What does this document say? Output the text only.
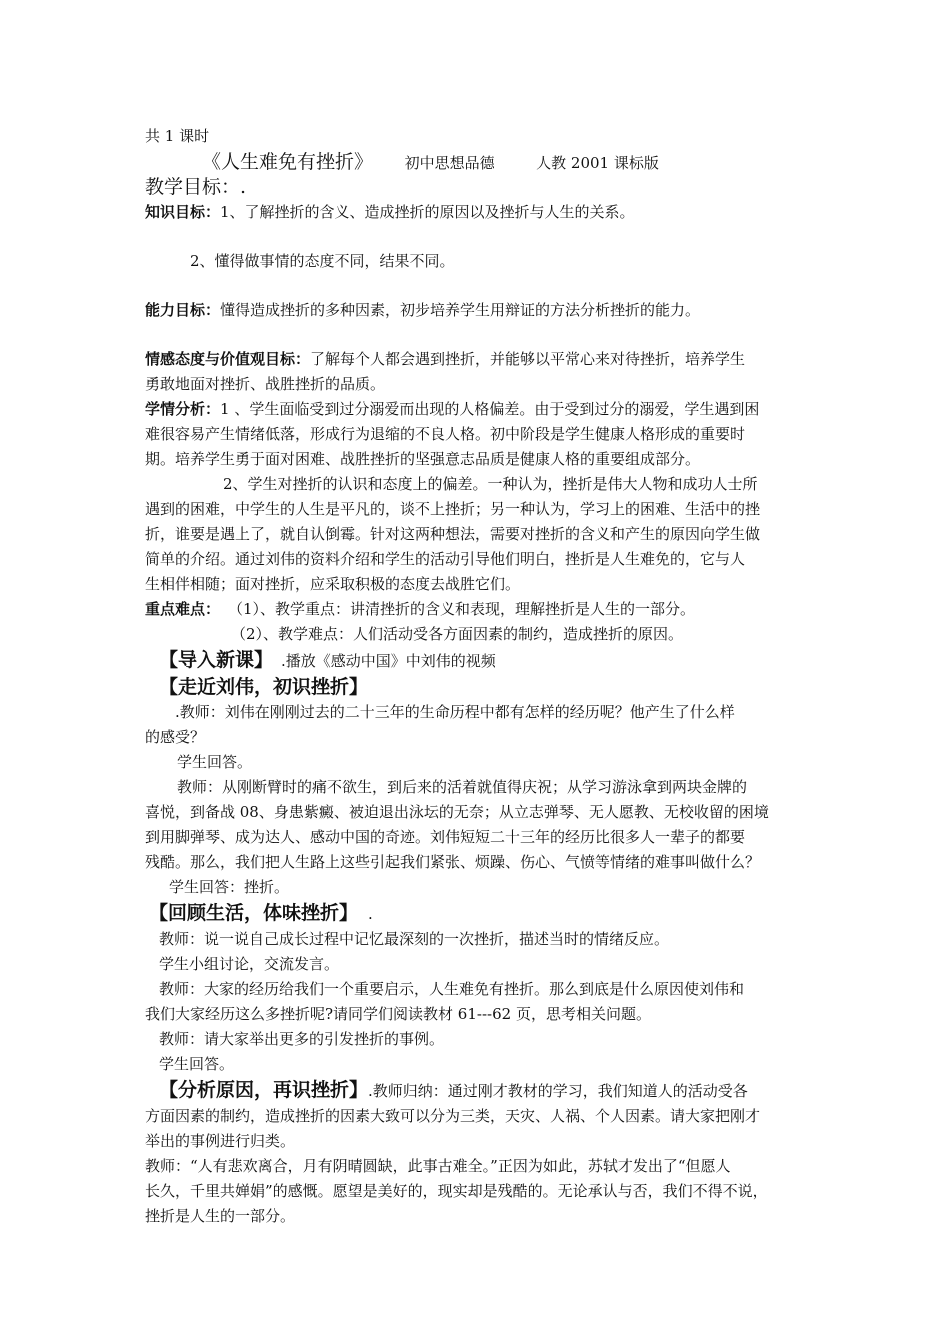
共 1 课时

《人生难免有挫折》 初中思想品德	人教 2001 课标版

教学目标：.

知识目标：1、了解挫折的含义、造成挫折的原因以及挫折与人生的关系。

2、懂得做事情的态度不同，结果不同。

能力目标：懂得造成挫折的多种因素，初步培养学生用辩证的方法分析挫折的能力。

情感态度与价值观目标：了解每个人都会遇到挫折，并能够以平常心来对待挫折，培养学生

勇敢地面对挫折、战胜挫折的品质。

学情分析：1 、学生面临受到过分溺爱而出现的人格偏差。由于受到过分的溺爱，学生遇到困

难很容易产生情绪低落，形成行为退缩的不良人格。初中阶段是学生健康人格形成的重要时

期。培养学生勇于面对困难、战胜挫折的坚强意志品质是健康人格的重要组成部分。

2、学生对挫折的认识和态度上的偏差。一种认为，挫折是伟大人物和成功人士所

遇到的困难，中学生的人生是平凡的，谈不上挫折；另一种认为，学习上的困难、生活中的挫

折，谁要是遇上了，就自认倒霉。针对这两种想法，需要对挫折的含义和产生的原因向学生做

简单的介绍。通过刘伟的资料介绍和学生的活动引导他们明白，挫折是人生难免的，它与人

生相伴相随；面对挫折，应采取积极的态度去战胜它们。

重点难点： （1）、教学重点：讲清挫折的含义和表现，理解挫折是人生的一部分。

（2）、教学难点：人们活动受各方面因素的制约，造成挫折的原因。

【导入新课】 .播放《感动中国》中刘伟的视频

【走近刘伟，初识挫折】

.教师：刘伟在刚刚过去的二十三年的生命历程中都有怎样的经历呢？他产生了什么样

的感受？

学生回答。

教师：从刚断臂时的痛不欲生，到后来的活着就值得庆祝；从学习游泳拿到两块金牌的

喜悦，到备战 08、身患紫癜、被迫退出泳坛的无奈；从立志弹琴、无人愿教、无校收留的困境

到用脚弹琴、成为达人、感动中国的奇迹。刘伟短短二十三年的经历比很多人一辈子的都要

残酷。那么，我们把人生路上这些引起我们紧张、烦躁、伤心、气愤等情绪的难事叫做什么？

学生回答：挫折。

【回顾生活，体味挫折】 .

教师：说一说自己成长过程中记忆最深刻的一次挫折，描述当时的情绪反应。

学生小组讨论，交流发言。

教师：大家的经历给我们一个重要启示，人生难免有挫折。那么到底是什么原因使刘伟和

我们大家经历这么多挫折呢?请同学们阅读教材 61---62 页，思考相关问题。

教师：请大家举出更多的引发挫折的事例。

学生回答。

【分析原因，再识挫折】.教师归纳：通过刚才教材的学习，我们知道人的活动受各

方面因素的制约，造成挫折的因素大致可以分为三类，天灾、人祸、个人因素。请大家把刚才

举出的事例进行归类。

教师：“人有悲欢离合，月有阴晴圆缺，此事古难全。”正因为如此，苏轼才发出了“但愿人

长久，千里共婵娟”的感慨。愿望是美好的，现实却是残酷的。无论承认与否，我们不得不说，

挫折是人生的一部分。
